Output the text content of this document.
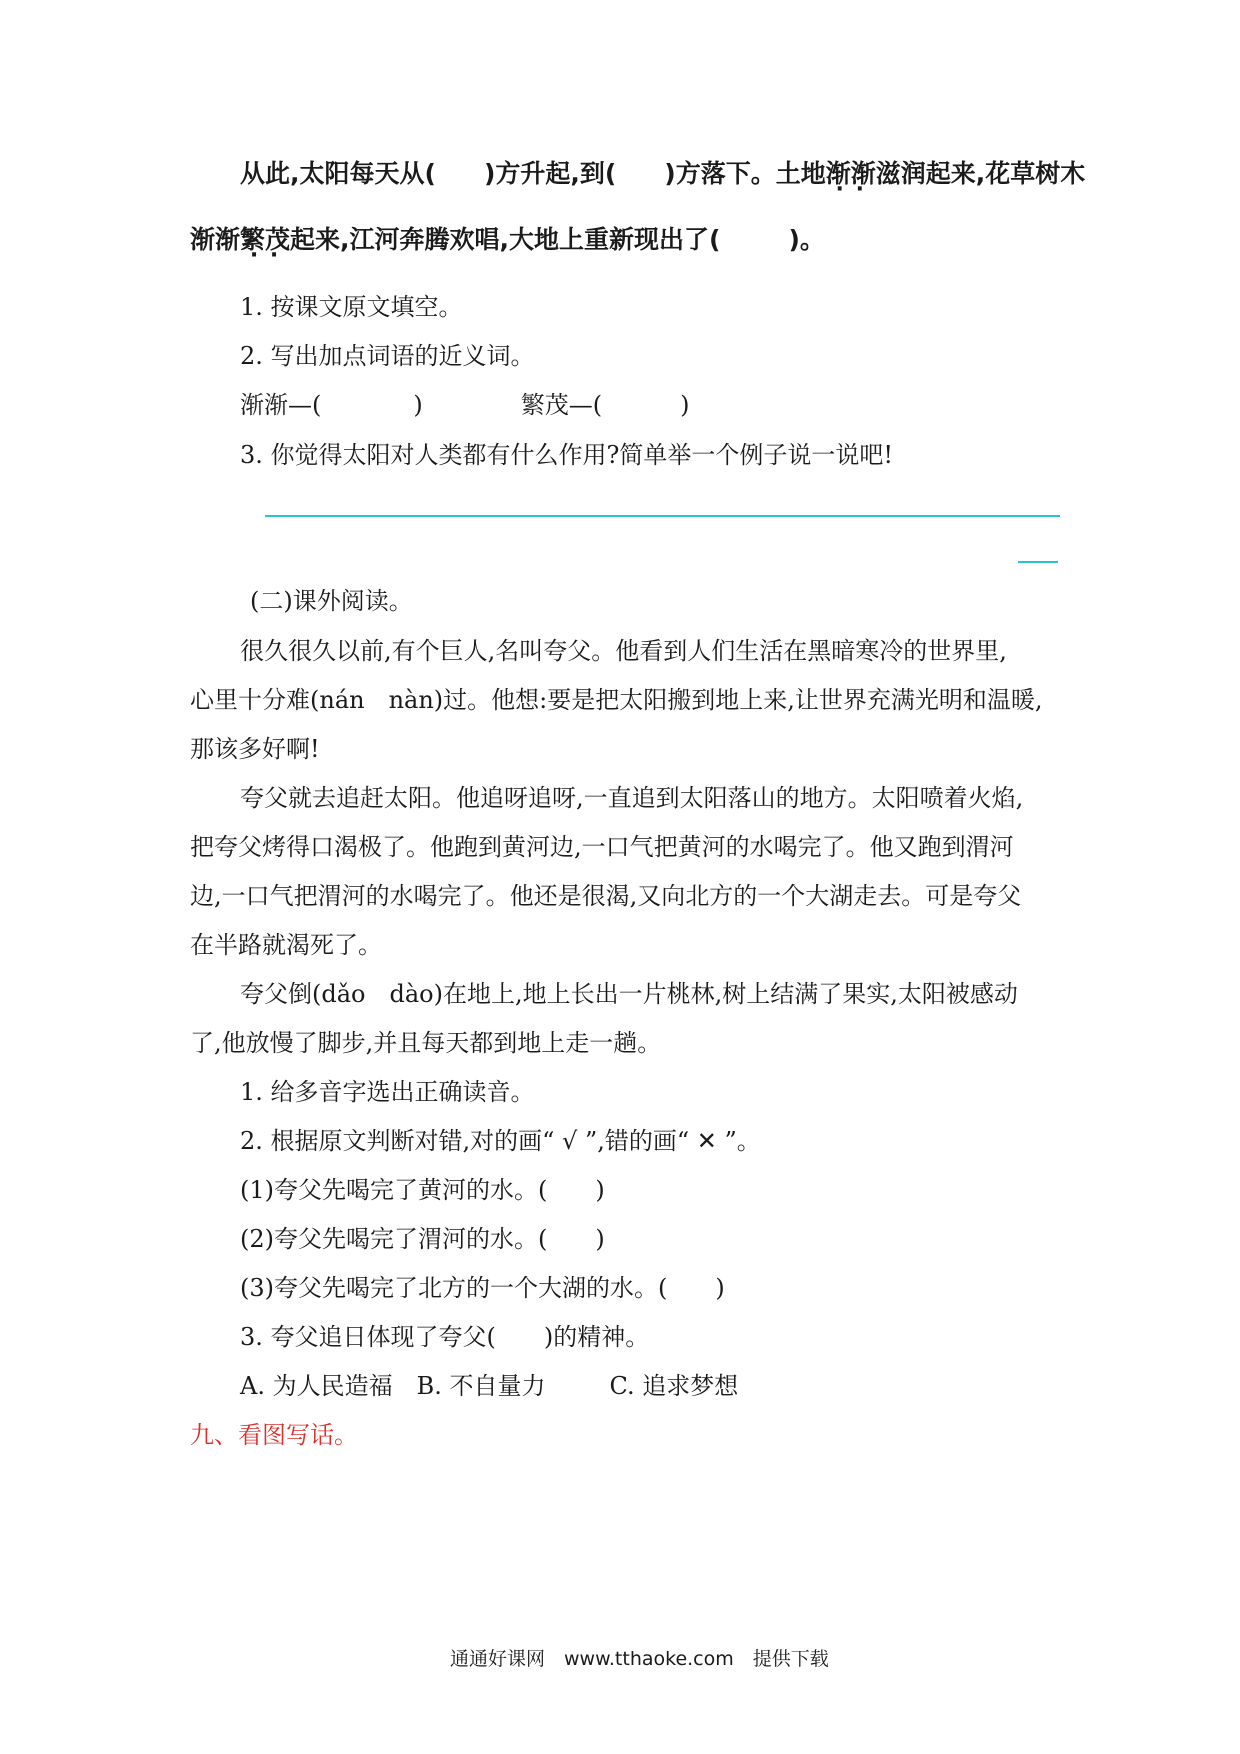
从此,太阳每天从( )方升起,到( )方落下。土地渐渐 · ·滋润起来,花草树木
渐渐繁茂 · ·起来,江河奔腾欢唱,大地上重新现出了(	)。
1. 按课文原文填空。
2. 写出加点词语的近义词。
渐渐—(	)	繁茂—(	)
3. 你觉得太阳对人类都有什么作用?简单举一个例子说一说吧!
(二)课外阅读。
很久很久以前,有个巨人,名叫夸父。他看到人们生活在黑暗寒冷的世界里,
心里十分难(nán　nàn)过。他想:要是把太阳搬到地上来,让世界充满光明和温暖,
那该多好啊!
夸父就去追赶太阳。他追呀追呀,一直追到太阳落山的地方。太阳喷着火焰,
把夸父烤得口渴极了。他跑到黄河边,一口气把黄河的水喝完了。他又跑到渭河
边,一口气把渭河的水喝完了。他还是很渴,又向北方的一个大湖走去。可是夸父
在半路就渴死了。
夸父倒(dǎo　dào)在地上,地上长出一片桃林,树上结满了果实,太阳被感动
了,他放慢了脚步,并且每天都到地上走一趟。
1. 给多音字选出正确读音。
2. 根据原文判断对错,对的画“ √ ”,错的画“ ✕ ”。
(1)夸父先喝完了黄河的水。(　　)
(2)夸父先喝完了渭河的水。(　　)
(3)夸父先喝完了北方的一个大湖的水。(　　)
3. 夸父追日体现了夸父(　　)的精神。
A. 为人民造福 B. 不自量力	C. 追求梦想
九、看图写话。
通通好课网　www.tthaoke.com　提供下载
